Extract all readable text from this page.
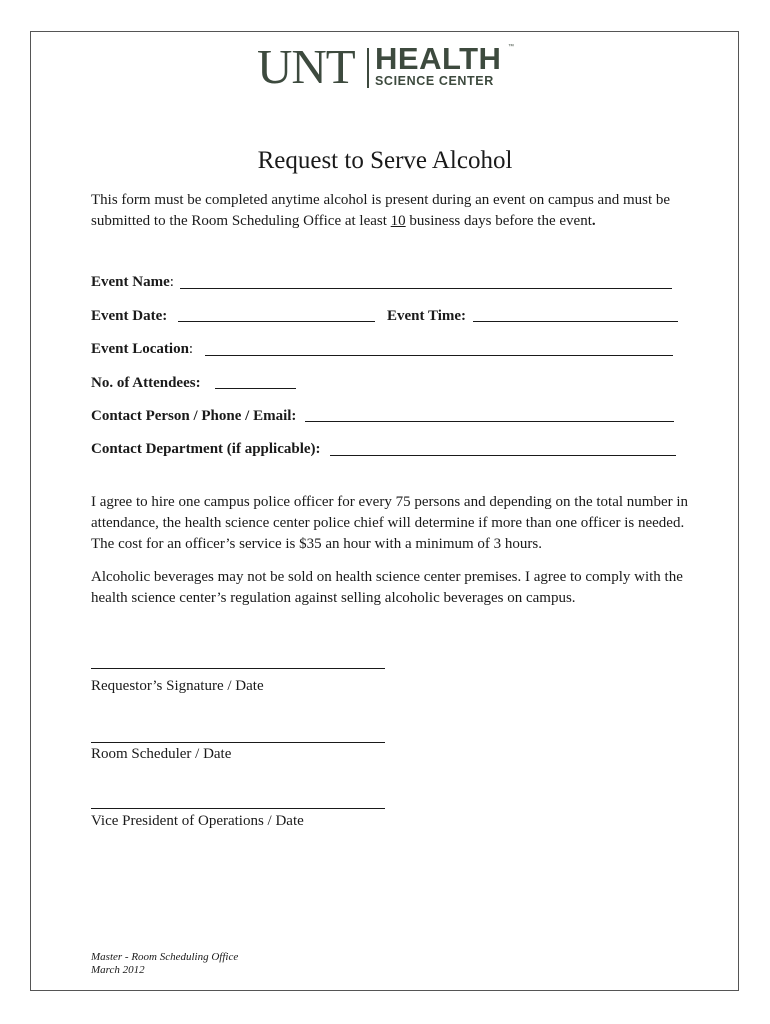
UNT HEALTH ™
SCIENCE CENTER
Request to Serve Alcohol
This form must be completed anytime alcohol is present during an event on campus and must be submitted to the Room Scheduling Office at least 10 business days before the event.
Event Name:
Event Date:	Event Time:
Event Location:
No. of Attendees:
Contact Person / Phone / Email:
Contact Department (if applicable):
I agree to hire one campus police officer for every 75 persons and depending on the total number in attendance, the health science center police chief will determine if more than one officer is needed. The cost for an officer’s service is $35 an hour with a minimum of 3 hours.
Alcoholic beverages may not be sold on health science center premises. I agree to comply with the health science center’s regulation against selling alcoholic beverages on campus.
Requestor’s Signature / Date
Room Scheduler / Date
Vice President of Operations / Date
Master - Room Scheduling Office
March 2012
